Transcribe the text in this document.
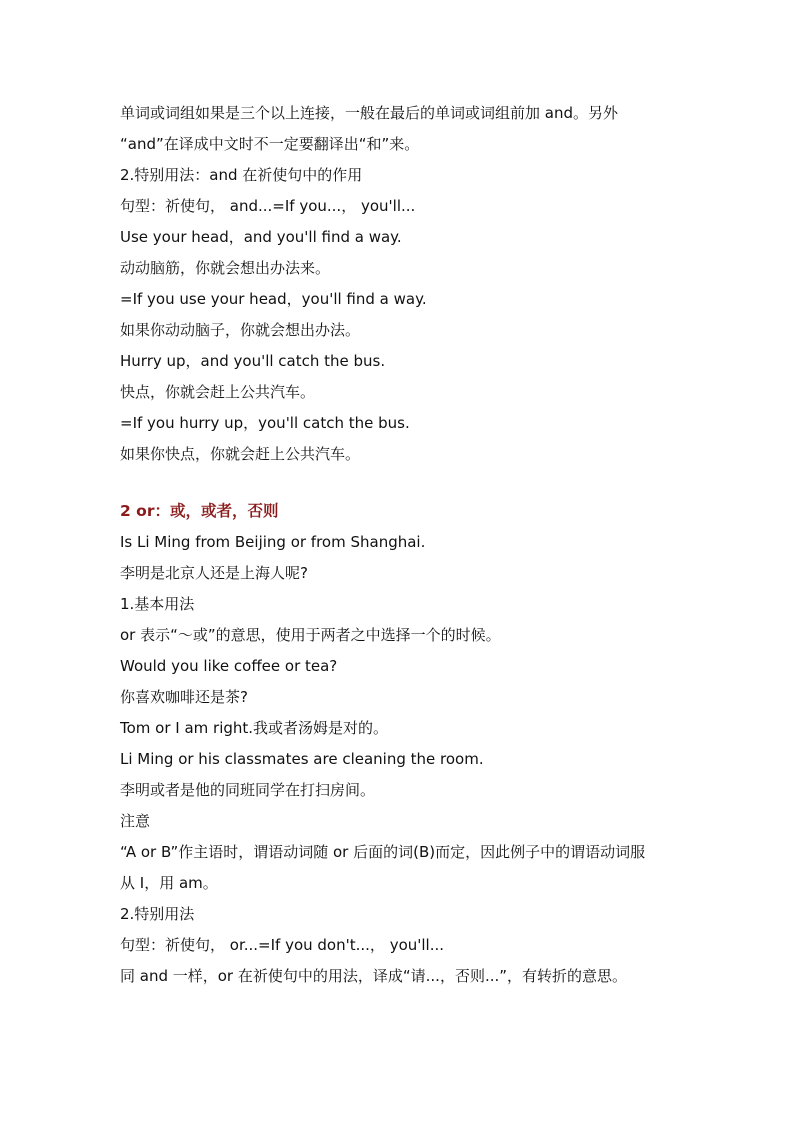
单词或词组如果是三个以上连接，一般在最后的单词或词组前加 and。另外
“and”在译成中文时不一定要翻译出“和”来。
2.特别用法：and 在祈使句中的作用
句型：祈使句， and...=If you...， you'll...
Use your head，and you'll find a way.
动动脑筋，你就会想出办法来。
=If you use your head，you'll find a way.
如果你动动脑子，你就会想出办法。
Hurry up，and you'll catch the bus.
快点，你就会赶上公共汽车。
=If you hurry up，you'll catch the bus.
如果你快点，你就会赶上公共汽车。
2 or：或，或者，否则
Is Li Ming from Beijing or from Shanghai.
李明是北京人还是上海人呢?
1.基本用法
or 表示“～或”的意思，使用于两者之中选择一个的时候。
Would you like coffee or tea?
你喜欢咖啡还是茶?
Tom or I am right.我或者汤姆是对的。
Li Ming or his classmates are cleaning the room.
李明或者是他的同班同学在打扫房间。
注意
“A or B”作主语时，谓语动词随 or 后面的词(B)而定，因此例子中的谓语动词服
从 I，用 am。
2.特别用法
句型：祈使句， or...=If you don't...， you'll...
同 and 一样，or 在祈使句中的用法，译成“请...，否则...”，有转折的意思。
